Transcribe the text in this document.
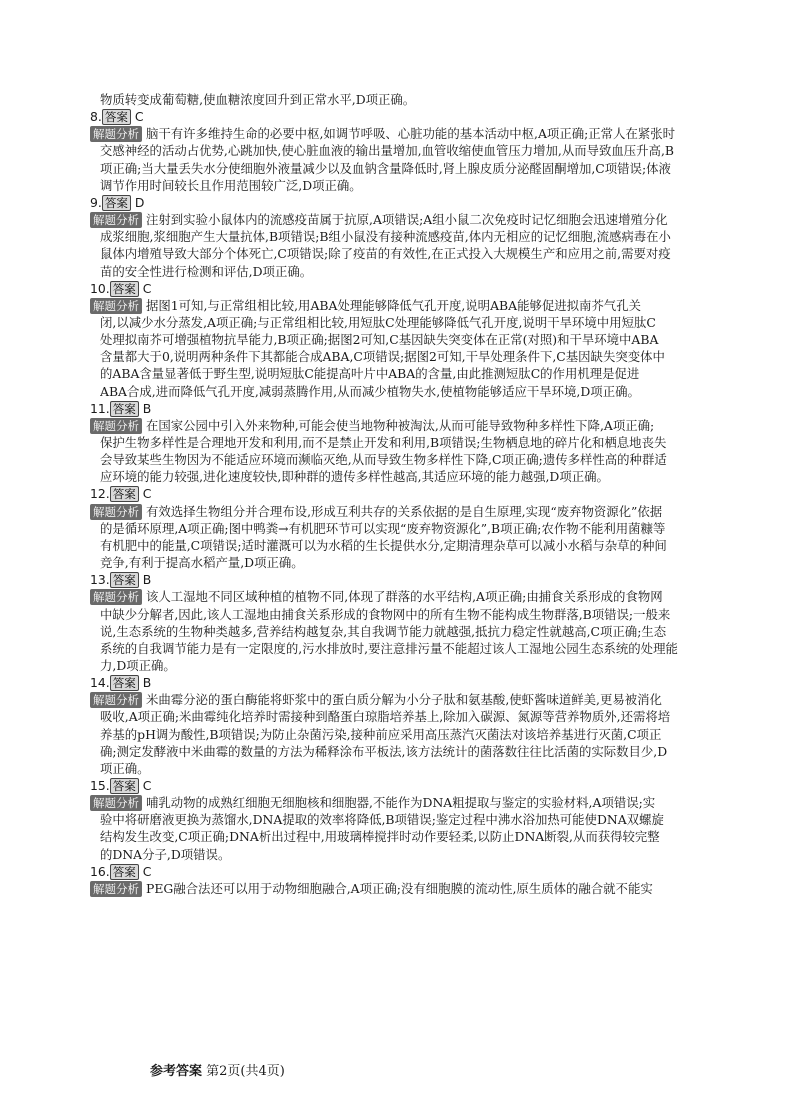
物质转变成葡萄糖,使血糖浓度回升到正常水平,D项正确。
8. 答案 C
解题分析 脑干有许多维持生命的必要中枢,如调节呼吸、心脏功能的基本活动中枢,A项正确;正常人在紧张时
交感神经的活动占优势,心跳加快,使心脏血液的输出量增加,血管收缩使血管压力增加,从而导致血压升高,B
项正确;当大量丢失水分使细胞外液量减少以及血钠含量降低时,肾上腺皮质分泌醛固酮增加,C项错误;体液
调节作用时间较长且作用范围较广泛,D项正确。
9. 答案 D
解题分析 注射到实验小鼠体内的流感疫苗属于抗原,A项错误;A组小鼠二次免疫时记忆细胞会迅速增殖分化
成浆细胞,浆细胞产生大量抗体,B项错误;B组小鼠没有接种流感疫苗,体内无相应的记忆细胞,流感病毒在小
鼠体内增殖导致大部分个体死亡,C项错误;除了疫苗的有效性,在正式投入大规模生产和应用之前,需要对疫
苗的安全性进行检测和评估,D项正确。
10. 答案 C
解题分析 据图1可知,与正常组相比较,用ABA处理能够降低气孔开度,说明ABA能够促进拟南芥气孔关
闭,以减少水分蒸发,A项正确;与正常组相比较,用短肽C处理能够降低气孔开度,说明干旱环境中用短肽C
处理拟南芥可增强植物抗旱能力,B项正确;据图2可知,C基因缺失突变体在正常(对照)和干旱环境中ABA
含量都大于0,说明两种条件下其都能合成ABA,C项错误;据图2可知,干旱处理条件下,C基因缺失突变体中
的ABA含量显著低于野生型,说明短肽C能提高叶片中ABA的含量,由此推测短肽C的作用机理是促进
ABA合成,进而降低气孔开度,减弱蒸腾作用,从而减少植物失水,使植物能够适应干旱环境,D项正确。
11. 答案 B
解题分析 在国家公园中引入外来物种,可能会使当地物种被淘汰,从而可能导致物种多样性下降,A项正确;
保护生物多样性是合理地开发和利用,而不是禁止开发和利用,B项错误;生物栖息地的碎片化和栖息地丧失
会导致某些生物因为不能适应环境而濒临灭绝,从而导致生物多样性下降,C项正确;遗传多样性高的种群适
应环境的能力较强,进化速度较快,即种群的遗传多样性越高,其适应环境的能力越强,D项正确。
12. 答案 C
解题分析 有效选择生物组分并合理布设,形成互利共存的关系依据的是自生原理,实现“废弃物资源化”依据
的是循环原理,A项正确;图中鸭粪→有机肥环节可以实现“废弃物资源化”,B项正确;农作物不能利用菌糠等
有机肥中的能量,C项错误;适时灌溉可以为水稻的生长提供水分,定期清理杂草可以减小水稻与杂草的种间
竞争,有利于提高水稻产量,D项正确。
13. 答案 B
解题分析 该人工湿地不同区域种植的植物不同,体现了群落的水平结构,A项正确;由捕食关系形成的食物网
中缺少分解者,因此,该人工湿地由捕食关系形成的食物网中的所有生物不能构成生物群落,B项错误;一般来
说,生态系统的生物种类越多,营养结构越复杂,其自我调节能力就越强,抵抗力稳定性就越高,C项正确;生态
系统的自我调节能力是有一定限度的,污水排放时,要注意排污量不能超过该人工湿地公园生态系统的处理能
力,D项正确。
14. 答案 B
解题分析 米曲霉分泌的蛋白酶能将虾浆中的蛋白质分解为小分子肽和氨基酸,使虾酱味道鲜美,更易被消化
吸收,A项正确;米曲霉纯化培养时需接种到酪蛋白琼脂培养基上,除加入碳源、氮源等营养物质外,还需将培
养基的pH调为酸性,B项错误;为防止杂菌污染,接种前应采用高压蒸汽灭菌法对该培养基进行灭菌,C项正
确;测定发酵液中米曲霉的数量的方法为稀释涂布平板法,该方法统计的菌落数往往比活菌的实际数目少,D
项正确。
15. 答案 C
解题分析 哺乳动物的成熟红细胞无细胞核和细胞器,不能作为DNA粗提取与鉴定的实验材料,A项错误;实
验中将研磨液更换为蒸馏水,DNA提取的效率将降低,B项错误;鉴定过程中沸水浴加热可能使DNA双螺旋
结构发生改变,C项正确;DNA析出过程中,用玻璃棒搅拌时动作要轻柔,以防止DNA断裂,从而获得较完整
的DNA分子,D项错误。
16. 答案 C
解题分析 PEG融合法还可以用于动物细胞融合,A项正确;没有细胞膜的流动性,原生质体的融合就不能实
参考答案 第2页(共4页)
